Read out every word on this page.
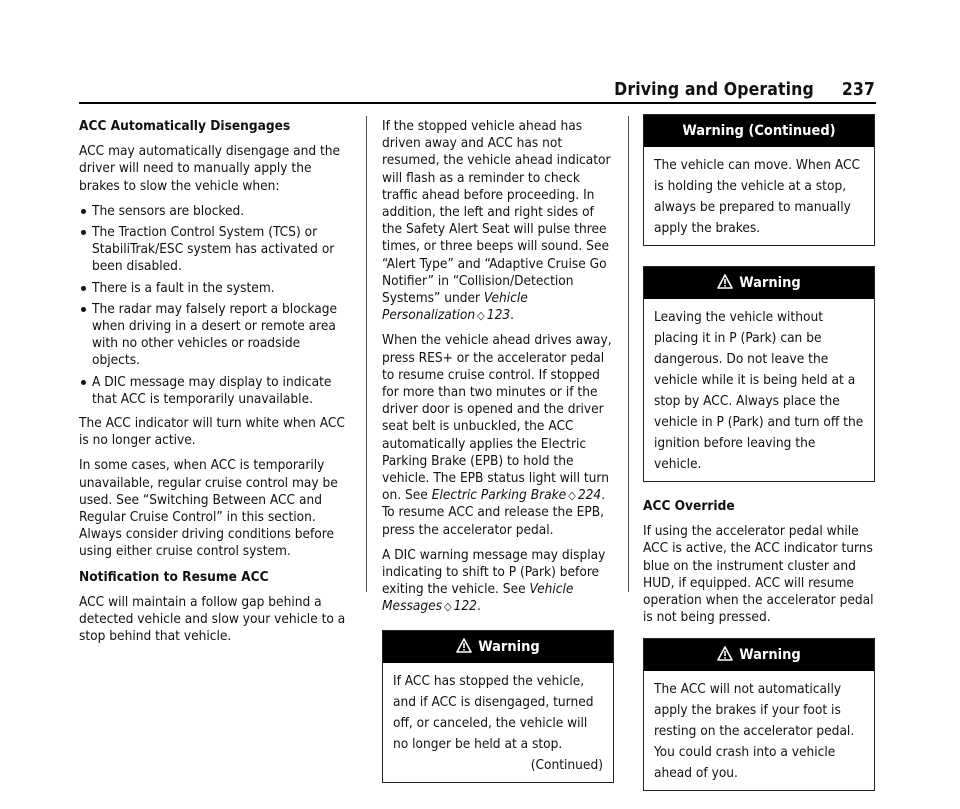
Driving and Operating 237

ACC Automatically Disengages

ACC may automatically disengage and the driver will need to manually apply the brakes to slow the vehicle when:

The sensors are blocked.
The Traction Control System (TCS) or StabiliTrak/ESC system has activated or been disabled.
There is a fault in the system.
The radar may falsely report a blockage when driving in a desert or remote area with no other vehicles or roadside objects.
A DIC message may display to indicate that ACC is temporarily unavailable.

The ACC indicator will turn white when ACC is no longer active.

In some cases, when ACC is temporarily unavailable, regular cruise control may be used. See “Switching Between ACC and Regular Cruise Control” in this section. Always consider driving conditions before using either cruise control system.

Notification to Resume ACC

ACC will maintain a follow gap behind a detected vehicle and slow your vehicle to a stop behind that vehicle.

If the stopped vehicle ahead has driven away and ACC has not resumed, the vehicle ahead indicator will flash as a reminder to check traffic ahead before proceeding. In addition, the left and right sides of the Safety Alert Seat will pulse three times, or three beeps will sound. See “Alert Type” and “Adaptive Cruise Go Notifier” in “Collision/Detection Systems” under Vehicle Personalization ◇ 123.

When the vehicle ahead drives away, press RES+ or the accelerator pedal to resume cruise control. If stopped for more than two minutes or if the driver door is opened and the driver seat belt is unbuckled, the ACC automatically applies the Electric Parking Brake (EPB) to hold the vehicle. The EPB status light will turn on. See Electric Parking Brake ◇ 224. To resume ACC and release the EPB, press the accelerator pedal.

A DIC warning message may display indicating to shift to P (Park) before exiting the vehicle. See Vehicle Messages ◇ 122.

Warning
If ACC has stopped the vehicle, and if ACC is disengaged, turned off, or canceled, the vehicle will no longer be held at a stop.
(Continued)
Warning (Continued)
The vehicle can move. When ACC is holding the vehicle at a stop, always be prepared to manually apply the brakes.
Warning
Leaving the vehicle without placing it in P (Park) can be dangerous. Do not leave the vehicle while it is being held at a stop by ACC. Always place the vehicle in P (Park) and turn off the ignition before leaving the vehicle.

ACC Override

If using the accelerator pedal while ACC is active, the ACC indicator turns blue on the instrument cluster and HUD, if equipped. ACC will resume operation when the accelerator pedal is not being pressed.

Warning
The ACC will not automatically apply the brakes if your foot is resting on the accelerator pedal. You could crash into a vehicle ahead of you.
